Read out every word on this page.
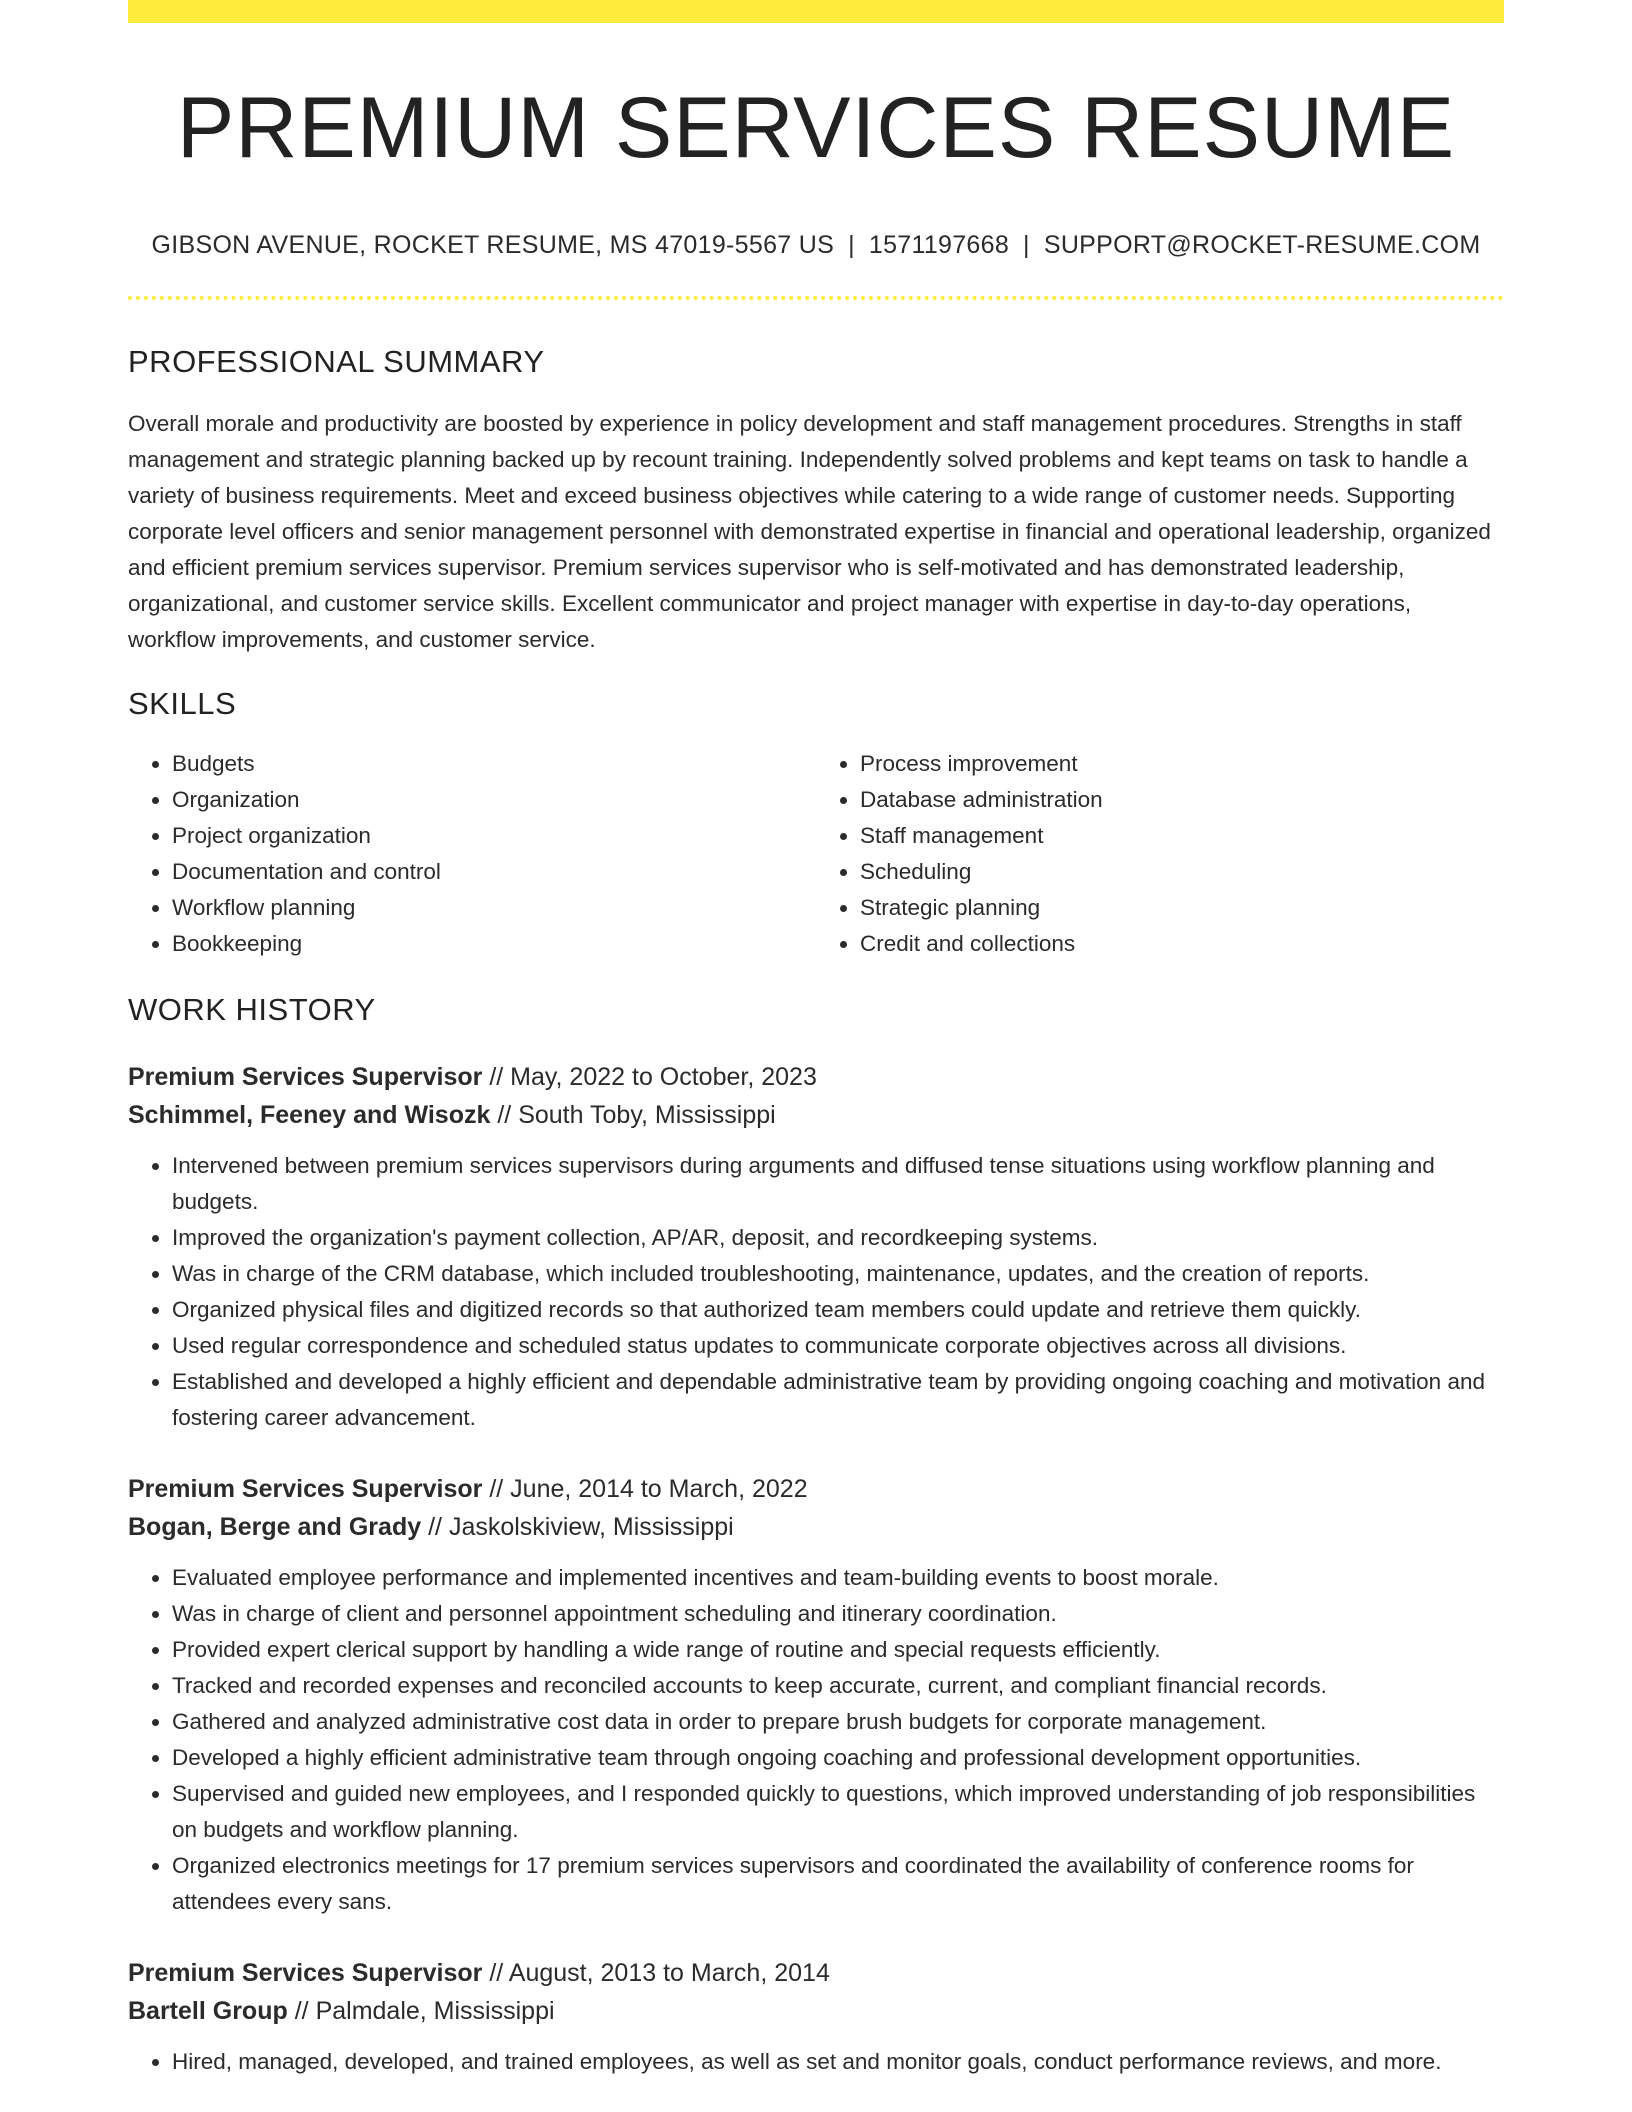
PREMIUM SERVICES RESUME
GIBSON AVENUE, ROCKET RESUME, MS 47019-5567 US | 1571197668 | SUPPORT@ROCKET-RESUME.COM
PROFESSIONAL SUMMARY

Overall morale and productivity are boosted by experience in policy development and staff management procedures. Strengths in staff management and strategic planning backed up by recount training. Independently solved problems and kept teams on task to handle a variety of business requirements. Meet and exceed business objectives while catering to a wide range of customer needs. Supporting corporate level officers and senior management personnel with demonstrated expertise in financial and operational leadership, organized and efficient premium services supervisor. Premium services supervisor who is self-motivated and has demonstrated leadership, organizational, and customer service skills. Excellent communicator and project manager with expertise in day-to-day operations, workflow improvements, and customer service.

SKILLS
• Budgets
• Organization
• Project organization
• Documentation and control
• Workflow planning
• Bookkeeping
• Process improvement
• Database administration
• Staff management
• Scheduling
• Strategic planning
• Credit and collections
WORK HISTORY
Premium Services Supervisor // May, 2022 to October, 2023
Schimmel, Feeney and Wisozk // South Toby, Mississippi
• Intervened between premium services supervisors during arguments and diffused tense situations using workflow planning and budgets.
• Improved the organization's payment collection, AP/AR, deposit, and recordkeeping systems.
• Was in charge of the CRM database, which included troubleshooting, maintenance, updates, and the creation of reports.
• Organized physical files and digitized records so that authorized team members could update and retrieve them quickly.
• Used regular correspondence and scheduled status updates to communicate corporate objectives across all divisions.
• Established and developed a highly efficient and dependable administrative team by providing ongoing coaching and motivation and fostering career advancement.
Premium Services Supervisor // June, 2014 to March, 2022
Bogan, Berge and Grady // Jaskolskiview, Mississippi
• Evaluated employee performance and implemented incentives and team-building events to boost morale.
• Was in charge of client and personnel appointment scheduling and itinerary coordination.
• Provided expert clerical support by handling a wide range of routine and special requests efficiently.
• Tracked and recorded expenses and reconciled accounts to keep accurate, current, and compliant financial records.
• Gathered and analyzed administrative cost data in order to prepare brush budgets for corporate management.
• Developed a highly efficient administrative team through ongoing coaching and professional development opportunities.
• Supervised and guided new employees, and I responded quickly to questions, which improved understanding of job responsibilities on budgets and workflow planning.
• Organized electronics meetings for 17 premium services supervisors and coordinated the availability of conference rooms for attendees every sans.
Premium Services Supervisor // August, 2013 to March, 2014
Bartell Group // Palmdale, Mississippi
• Hired, managed, developed, and trained employees, as well as set and monitor goals, conduct performance reviews, and more.
